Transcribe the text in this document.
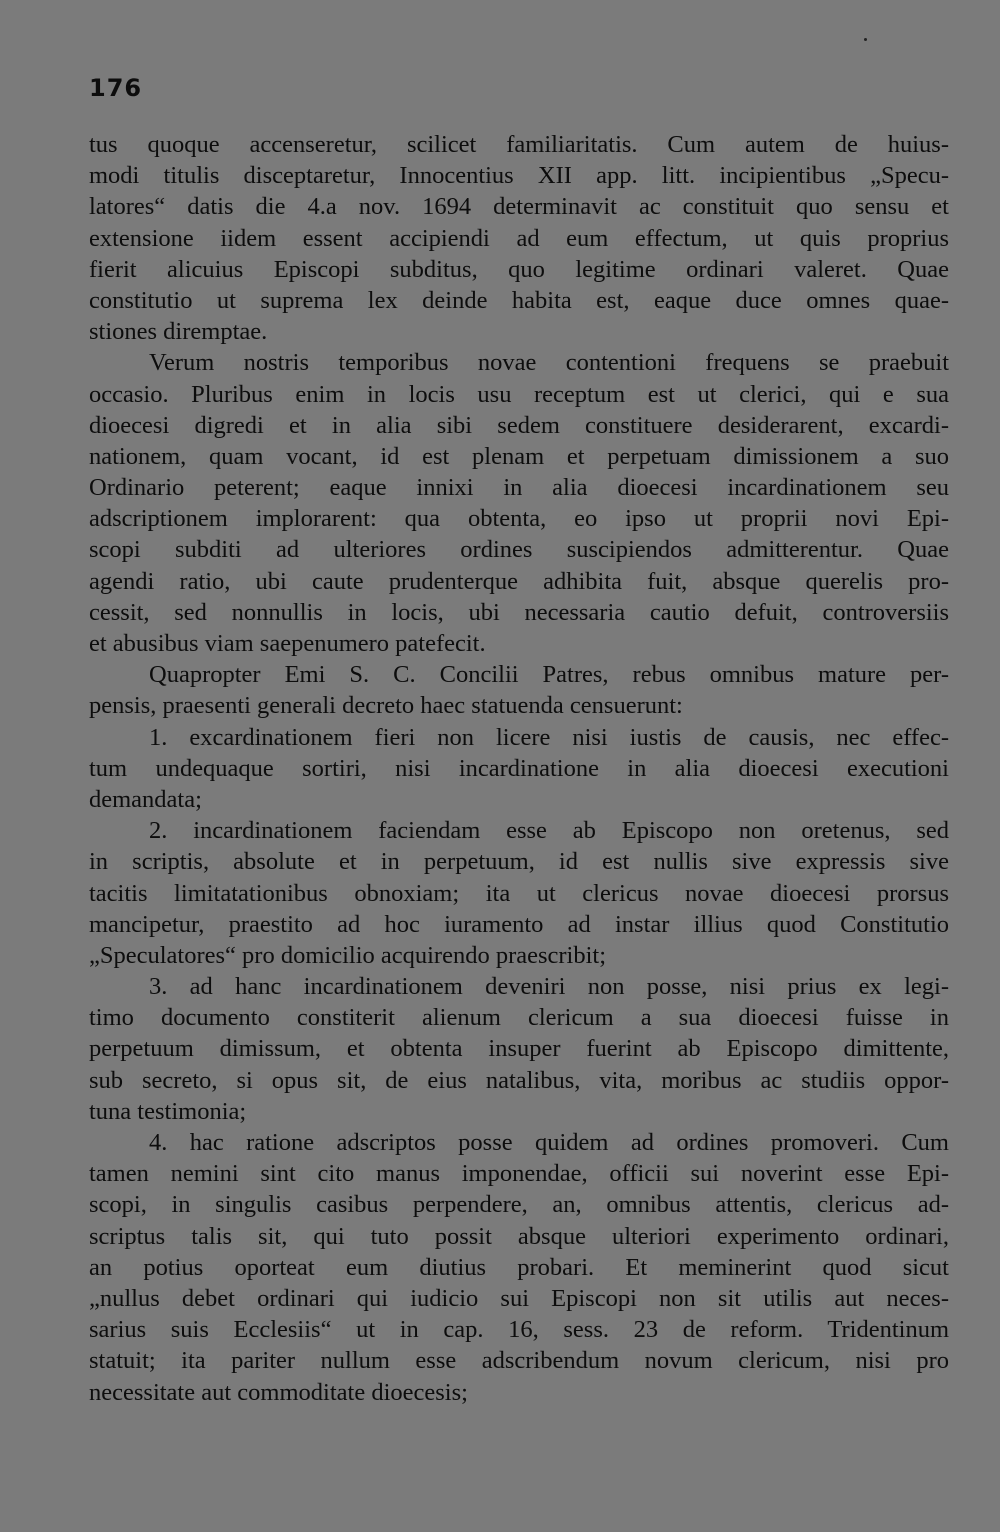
176
tus quoque accenseretur, scilicet familiaritatis. Cum autem de huius-
modi titulis disceptaretur, Innocentius XII app. litt. incipientibus „Specu-
latores“ datis die 4.a nov. 1694 determinavit ac constituit quo sensu et
extensione iidem essent accipiendi ad eum effectum, ut quis proprius
fierit alicuius Episcopi subditus, quo legitime ordinari valeret. Quae
constitutio ut suprema lex deinde habita est, eaque duce omnes quae-
stiones diremptae.
Verum nostris temporibus novae contentioni frequens se praebuit
occasio. Pluribus enim in locis usu receptum est ut clerici, qui e sua
dioecesi digredi et in alia sibi sedem constituere desiderarent, excardi-
nationem, quam vocant, id est plenam et perpetuam dimissionem a suo
Ordinario peterent; eaque innixi in alia dioecesi incardinationem seu
adscriptionem implorarent: qua obtenta, eo ipso ut proprii novi Epi-
scopi subditi ad ulteriores ordines suscipiendos admitterentur. Quae
agendi ratio, ubi caute prudenterque adhibita fuit, absque querelis pro-
cessit, sed nonnullis in locis, ubi necessaria cautio defuit, controversiis
et abusibus viam saepenumero patefecit.
Quapropter Emi S. C. Concilii Patres, rebus omnibus mature per-
pensis, praesenti generali decreto haec statuenda censuerunt:
1. excardinationem fieri non licere nisi iustis de causis, nec effec-
tum undequaque sortiri, nisi incardinatione in alia dioecesi executioni
demandata;
2. incardinationem faciendam esse ab Episcopo non oretenus, sed
in scriptis, absolute et in perpetuum, id est nullis sive expressis sive
tacitis limitatationibus obnoxiam; ita ut clericus novae dioecesi prorsus
mancipetur, praestito ad hoc iuramento ad instar illius quod Constitutio
„Speculatores“ pro domicilio acquirendo praescribit;
3. ad hanc incardinationem deveniri non posse, nisi prius ex legi-
timo documento constiterit alienum clericum a sua dioecesi fuisse in
perpetuum dimissum, et obtenta insuper fuerint ab Episcopo dimittente,
sub secreto, si opus sit, de eius natalibus, vita, moribus ac studiis oppor-
tuna testimonia;
4. hac ratione adscriptos posse quidem ad ordines promoveri. Cum
tamen nemini sint cito manus imponendae, officii sui noverint esse Epi-
scopi, in singulis casibus perpendere, an, omnibus attentis, clericus ad-
scriptus talis sit, qui tuto possit absque ulteriori experimento ordinari,
an potius oporteat eum diutius probari. Et meminerint quod sicut
„nullus debet ordinari qui iudicio sui Episcopi non sit utilis aut neces-
sarius suis Ecclesiis“ ut in cap. 16, sess. 23 de reform. Tridentinum
statuit; ita pariter nullum esse adscribendum novum clericum, nisi pro
necessitate aut commoditate dioecesis;
